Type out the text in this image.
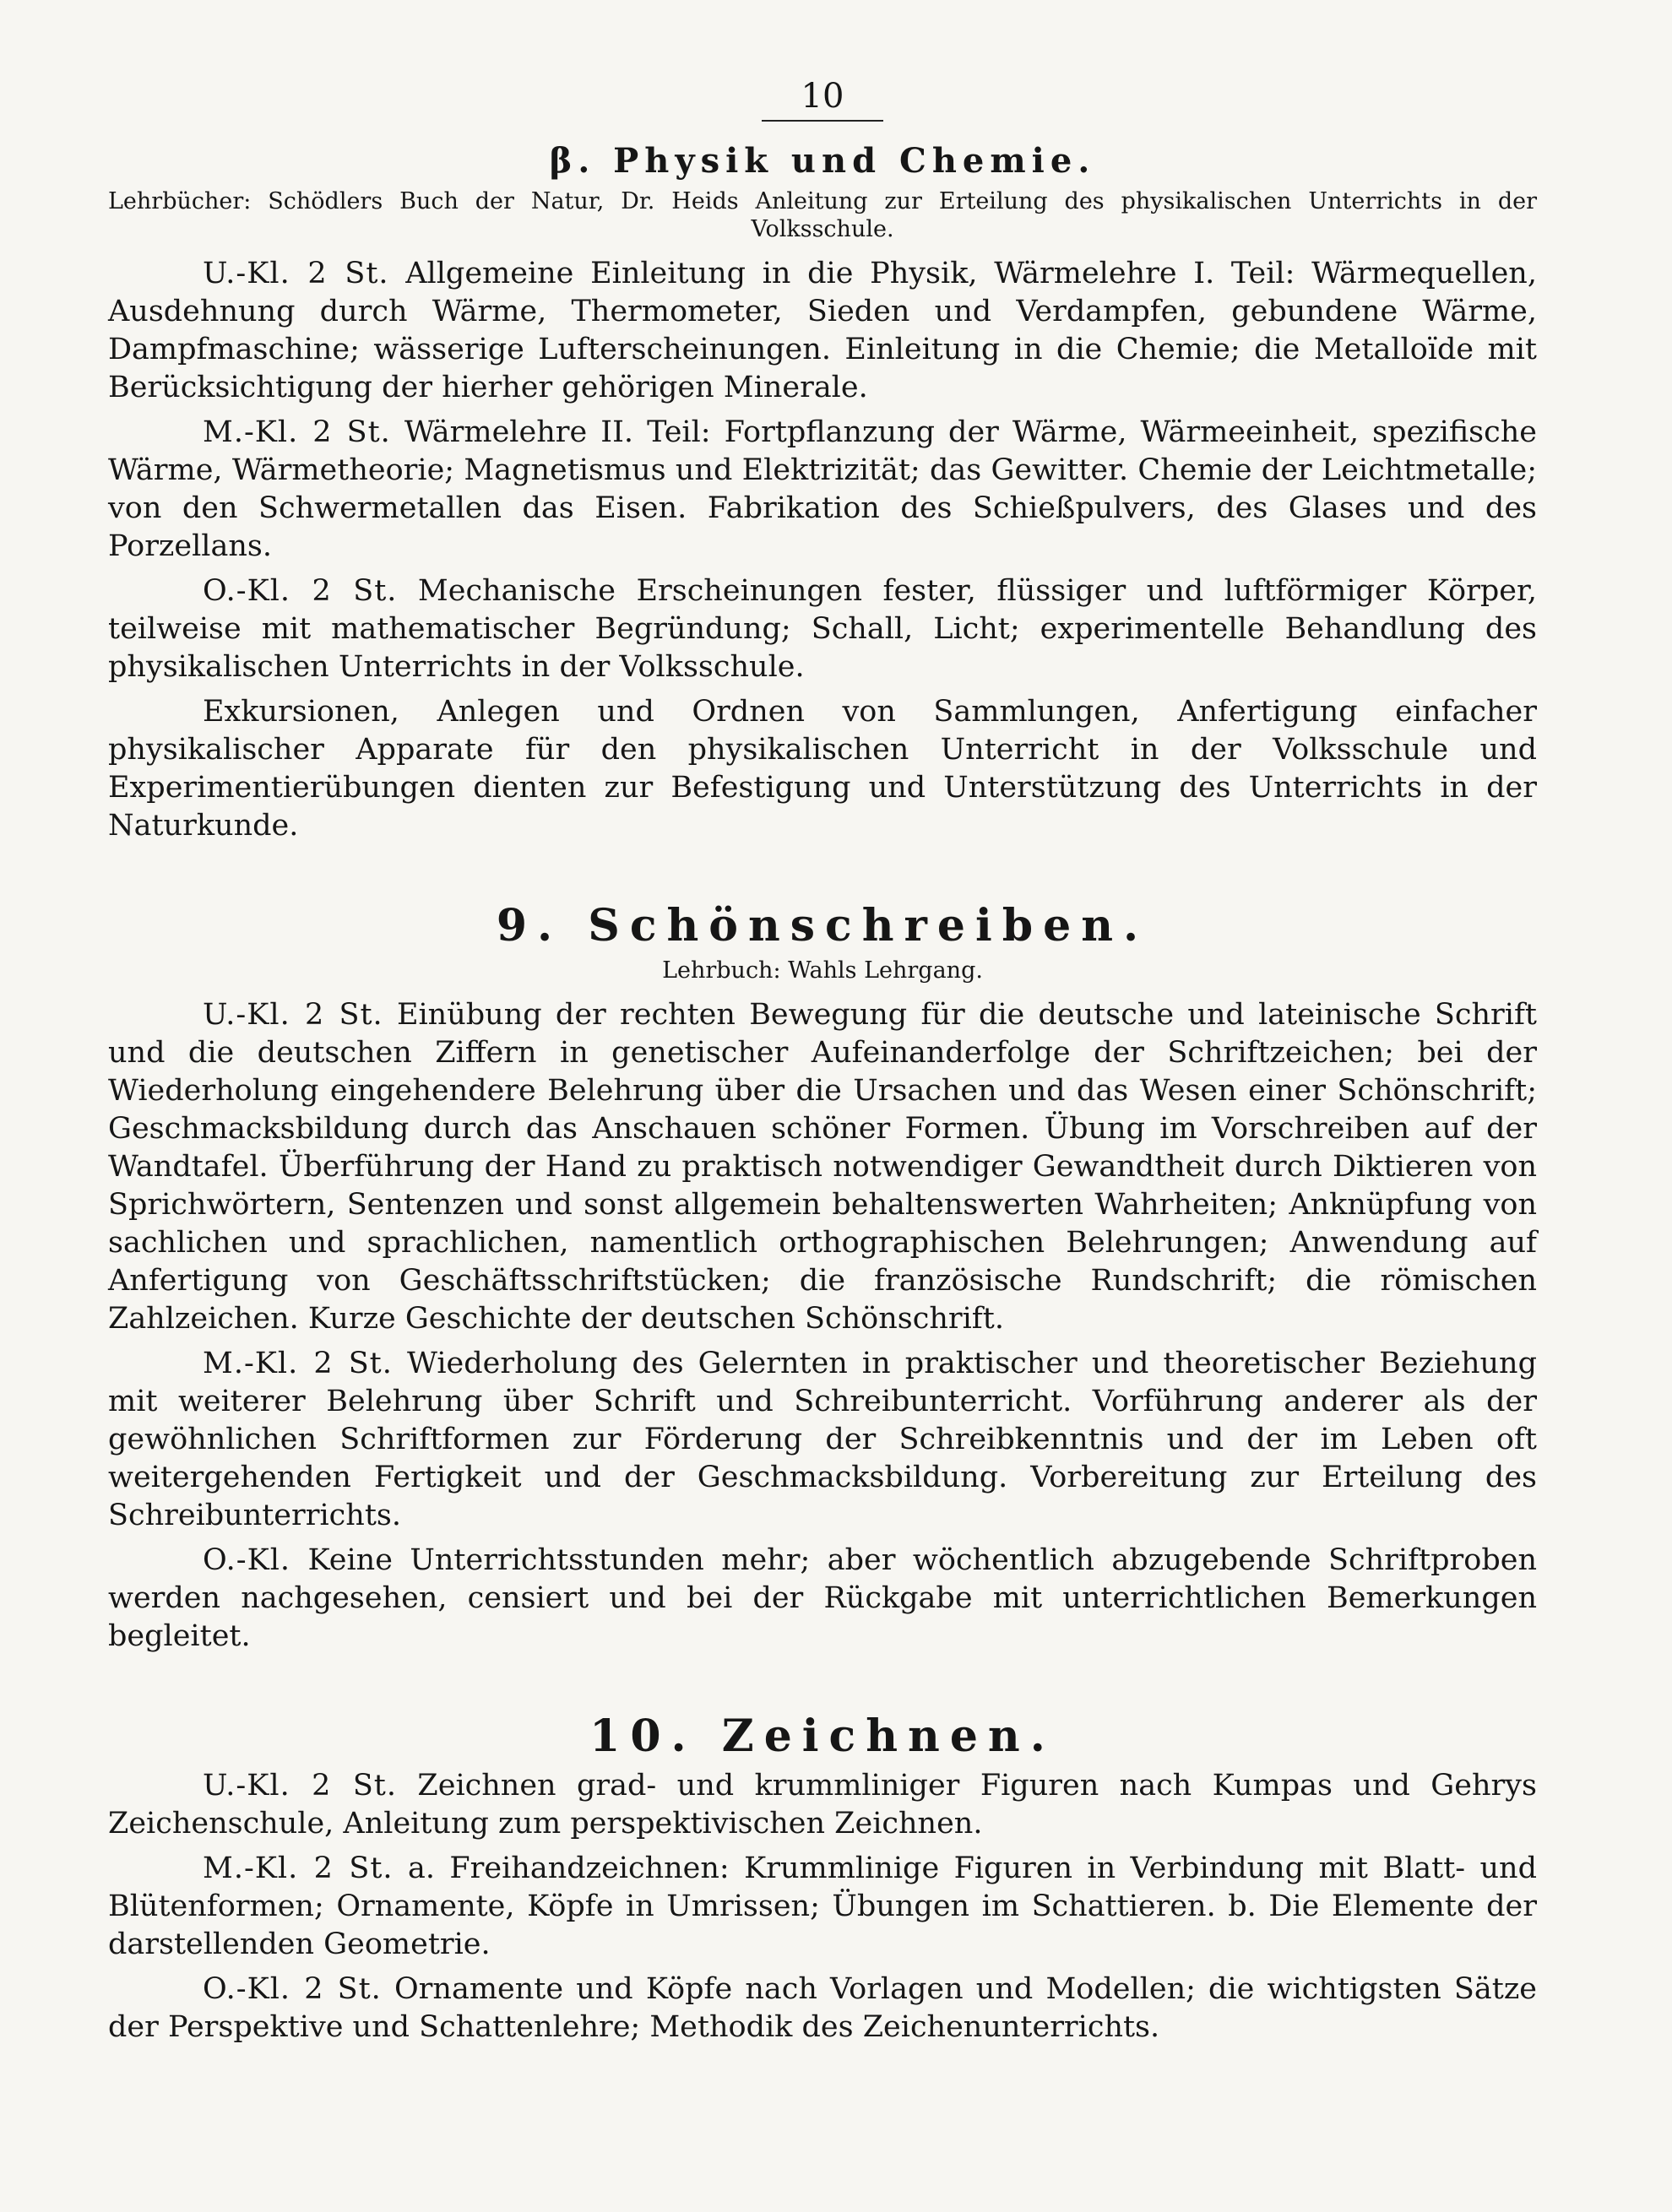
10
β. Physik und Chemie.
Lehrbücher: Schödlers Buch der Natur, Dr. Heids Anleitung zur Erteilung des physikalischen Unterrichts in der Volksschule.

U.-Kl. 2 St. Allgemeine Einleitung in die Physik, Wärmelehre I. Teil: Wärmequellen, Ausdehnung durch Wärme, Thermometer, Sieden und Verdampfen, gebundene Wärme, Dampfmaschine; wässerige Lufterscheinungen. Einleitung in die Chemie; die Metalloïde mit Berücksichtigung der hierher gehörigen Minerale.

M.-Kl. 2 St. Wärmelehre II. Teil: Fortpflanzung der Wärme, Wärmeeinheit, spezifische Wärme, Wärmetheorie; Magnetismus und Elektrizität; das Gewitter. Chemie der Leichtmetalle; von den Schwermetallen das Eisen. Fabrikation des Schießpulvers, des Glases und des Porzellans.

O.-Kl. 2 St. Mechanische Erscheinungen fester, flüssiger und luftförmiger Körper, teilweise mit mathematischer Begründung; Schall, Licht; experimentelle Behandlung des physikalischen Unterrichts in der Volksschule.

Exkursionen, Anlegen und Ordnen von Sammlungen, Anfertigung einfacher physikalischer Apparate für den physikalischen Unterricht in der Volksschule und Experimentierübungen dienten zur Befestigung und Unterstützung des Unterrichts in der Naturkunde.

9. Schönschreiben.
Lehrbuch: Wahls Lehrgang.

U.-Kl. 2 St. Einübung der rechten Bewegung für die deutsche und lateinische Schrift und die deutschen Ziffern in genetischer Aufeinanderfolge der Schriftzeichen; bei der Wiederholung eingehendere Belehrung über die Ursachen und das Wesen einer Schönschrift; Geschmacksbildung durch das Anschauen schöner Formen. Übung im Vorschreiben auf der Wandtafel. Überführung der Hand zu praktisch notwendiger Gewandtheit durch Diktieren von Sprichwörtern, Sentenzen und sonst allgemein behaltenswerten Wahrheiten; Anknüpfung von sachlichen und sprachlichen, namentlich orthographischen Belehrungen; Anwendung auf Anfertigung von Geschäftsschriftstücken; die französische Rundschrift; die römischen Zahlzeichen. Kurze Geschichte der deutschen Schönschrift.

M.-Kl. 2 St. Wiederholung des Gelernten in praktischer und theoretischer Beziehung mit weiterer Belehrung über Schrift und Schreibunterricht. Vorführung anderer als der gewöhnlichen Schriftformen zur Förderung der Schreibkenntnis und der im Leben oft weitergehenden Fertigkeit und der Geschmacksbildung. Vorbereitung zur Erteilung des Schreibunterrichts.

O.-Kl. Keine Unterrichtsstunden mehr; aber wöchentlich abzugebende Schriftproben werden nachgesehen, censiert und bei der Rückgabe mit unterrichtlichen Bemerkungen begleitet.

10. Zeichnen.

U.-Kl. 2 St. Zeichnen grad- und krummliniger Figuren nach Kumpas und Gehrys Zeichenschule, Anleitung zum perspektivischen Zeichnen.

M.-Kl. 2 St. a. Freihandzeichnen: Krummlinige Figuren in Verbindung mit Blatt- und Blütenformen; Ornamente, Köpfe in Umrissen; Übungen im Schattieren. b. Die Elemente der darstellenden Geometrie.

O.-Kl. 2 St. Ornamente und Köpfe nach Vorlagen und Modellen; die wichtigsten Sätze der Perspektive und Schattenlehre; Methodik des Zeichenunterrichts.
